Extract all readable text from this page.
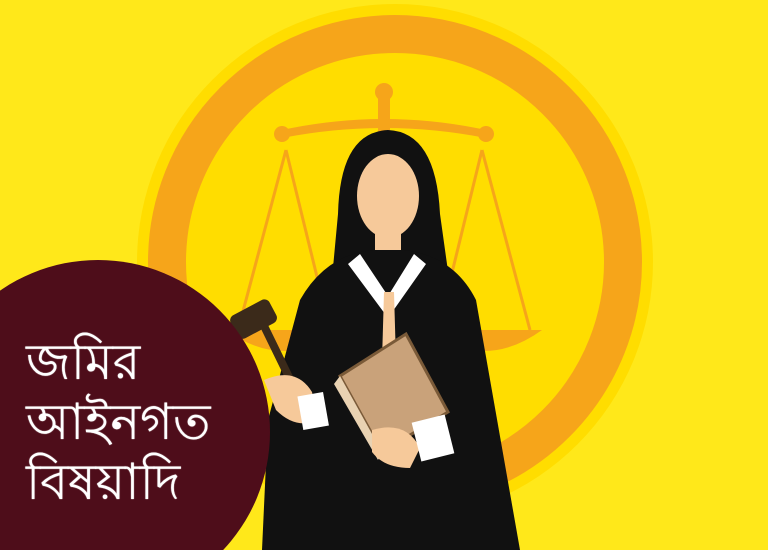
জমির
আইনগত
বিষয়াদি
